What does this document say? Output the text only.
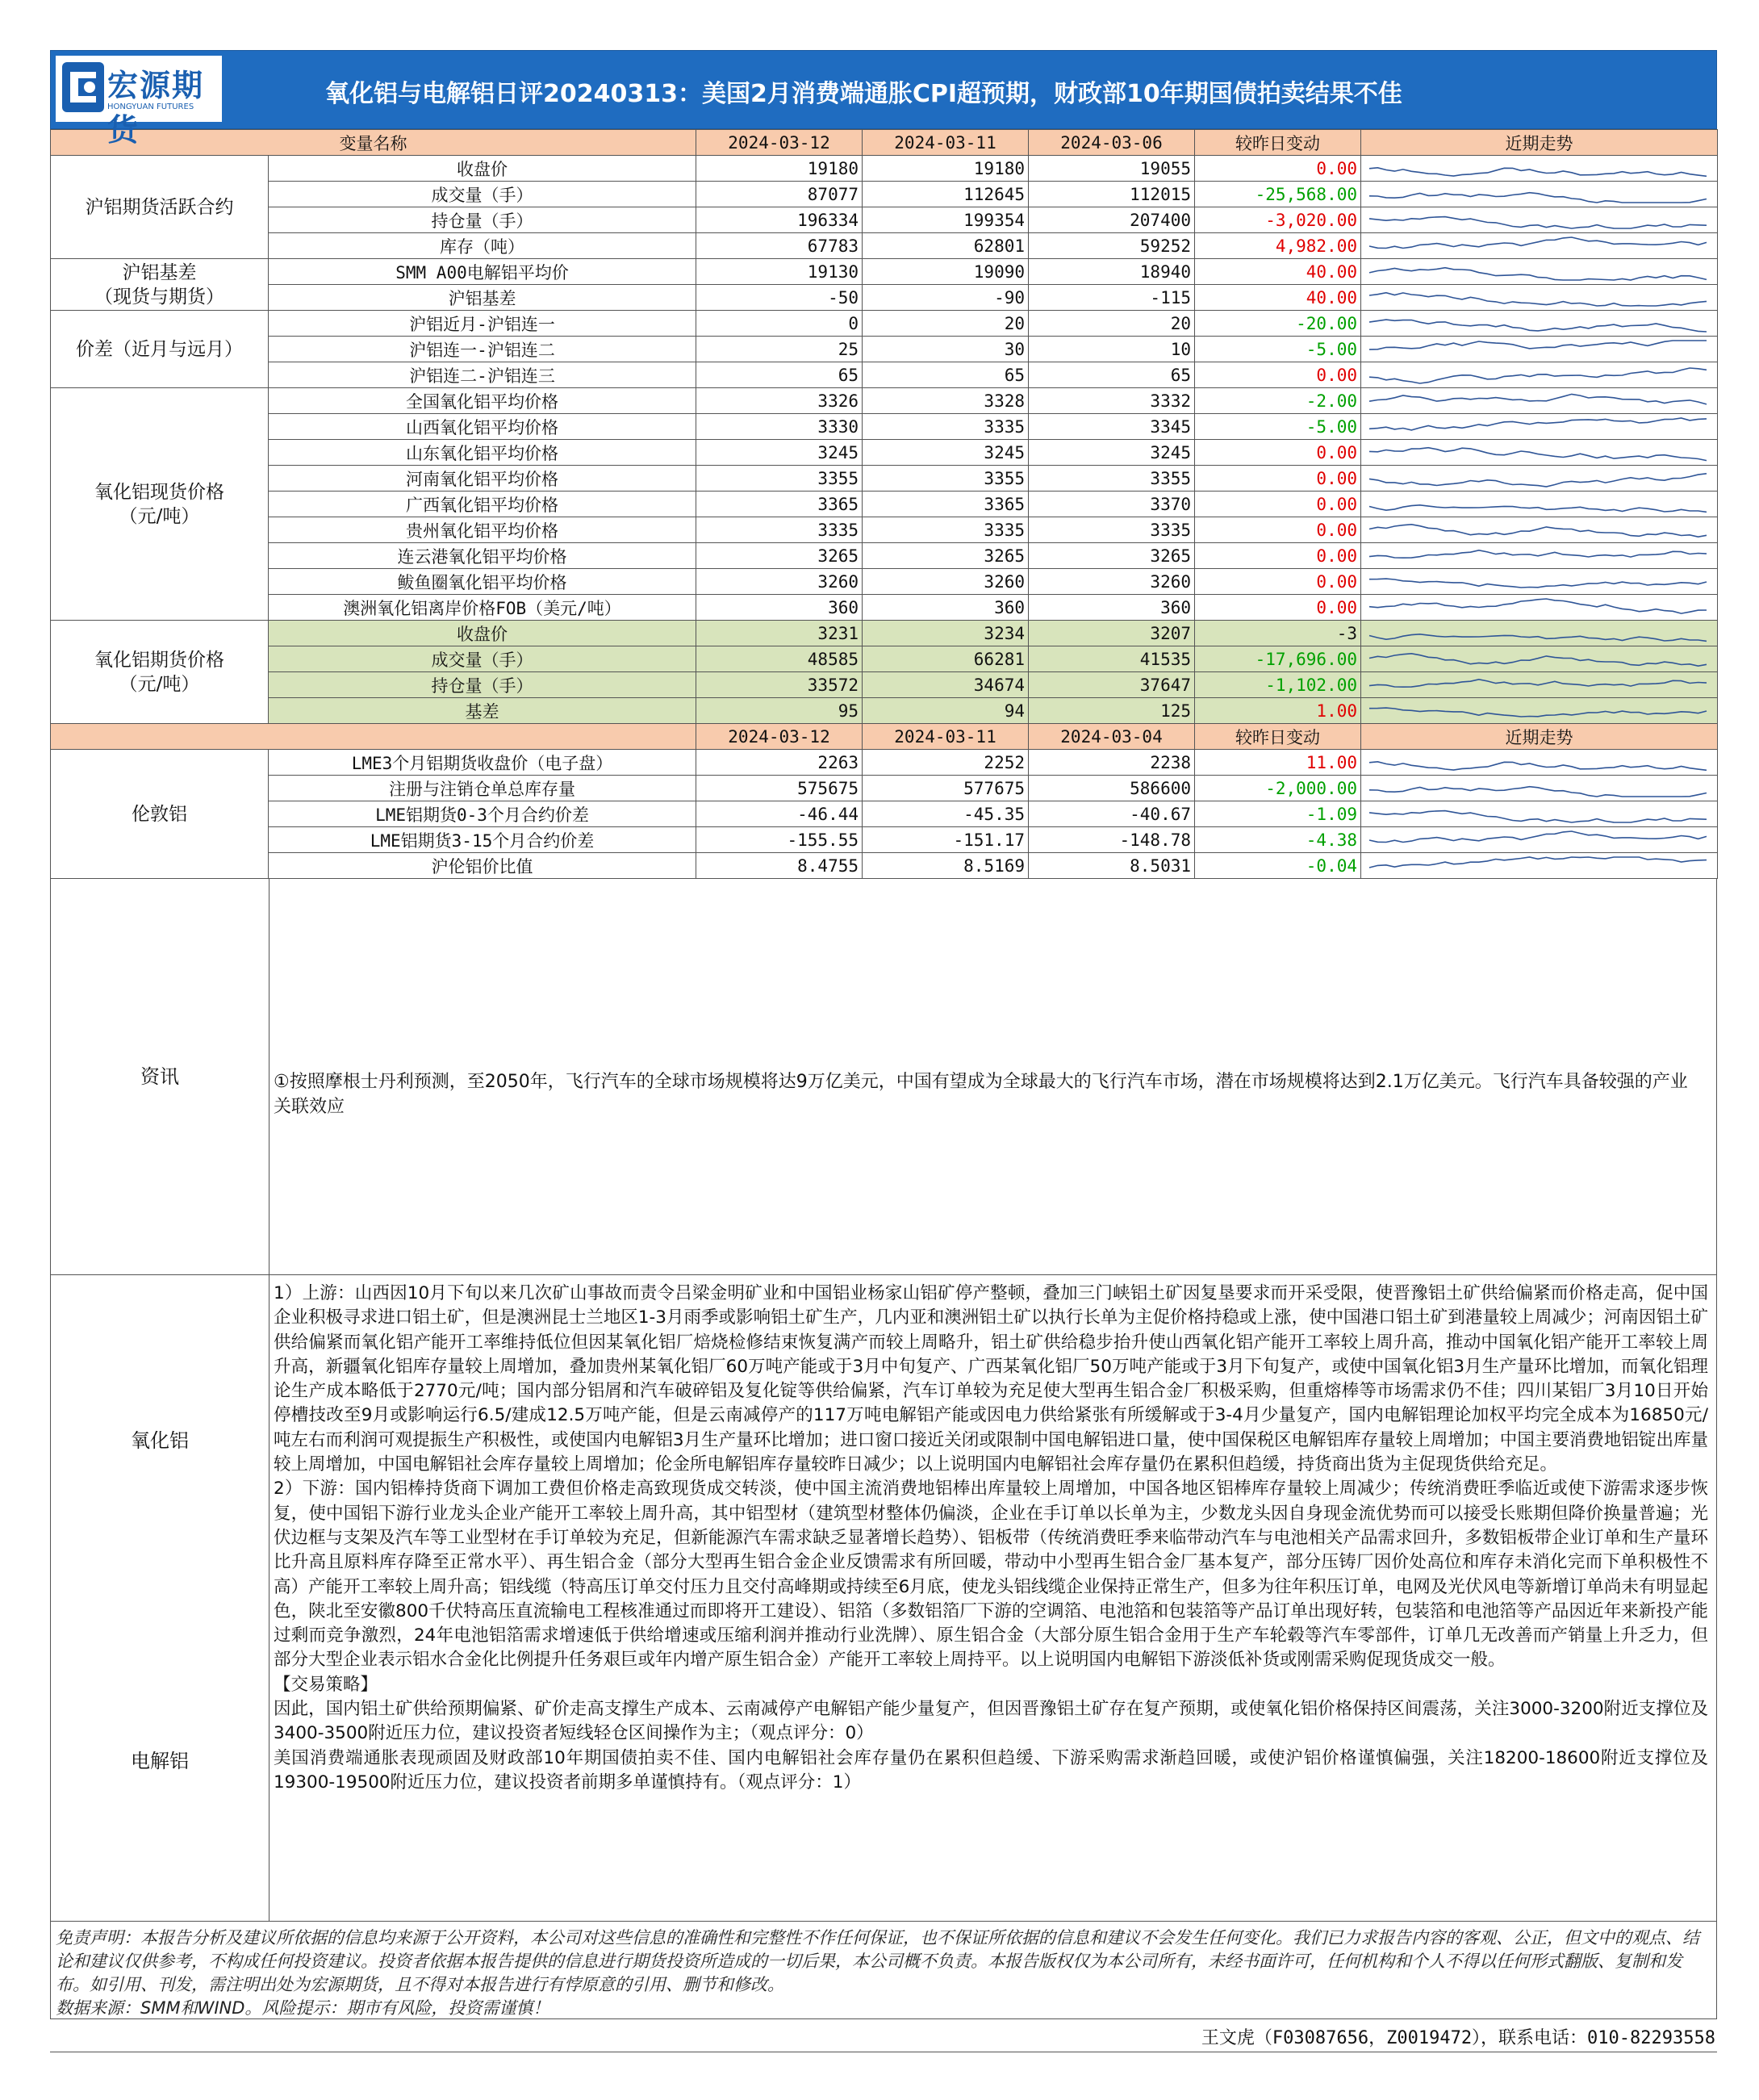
宏源期货
HONGYUAN FUTURES	氧化铝与电解铝日评20240313：美国2月消费端通胀CPI超预期，财政部10年期国债拍卖结果不佳
变量名称		2024-03-12	2024-03-11	2024-03-06	较昨日变动	近期走势

沪铝期货活跃合约	收盘价	19180	19180	19055	0.00	

	成交量（手）	87077	112645	112015	-25,568.00	

	持仓量（手）	196334	199354	207400	-3,020.00	

	库存（吨）	67783	62801	59252	4,982.00	

沪铝基差
（现货与期货）	SMM A00电解铝平均价	19130	19090	18940	40.00	

	沪铝基差	-50	-90	-115	40.00	

价差（近月与远月）	沪铝近月-沪铝连一	0	20	20	-20.00	

	沪铝连一-沪铝连二	25	30	10	-5.00	

	沪铝连二-沪铝连三	65	65	65	0.00	

氧化铝现货价格
（元/吨）	全国氧化铝平均价格	3326	3328	3332	-2.00	

	山西氧化铝平均价格	3330	3335	3345	-5.00	

	山东氧化铝平均价格	3245	3245	3245	0.00	

	河南氧化铝平均价格	3355	3355	3355	0.00	

	广西氧化铝平均价格	3365	3365	3370	0.00	

	贵州氧化铝平均价格	3335	3335	3335	0.00	

	连云港氧化铝平均价格	3265	3265	3265	0.00	

	鲅鱼圈氧化铝平均价格	3260	3260	3260	0.00	

	澳洲氧化铝离岸价格FOB（美元/吨）	360	360	360	0.00	

氧化铝期货价格
（元/吨）	收盘价	3231	3234	3207	-3	

	成交量（手）	48585	66281	41535	-17,696.00	

	持仓量（手）	33572	34674	37647	-1,102.00	

	基差	95	94	125	1.00	

		2024-03-12	2024-03-11	2024-03-04	较昨日变动	近期走势

伦敦铝	LME3个月铝期货收盘价（电子盘）	2263	2252	2238	11.00	

	注册与注销仓单总库存量	575675	577675	586600	-2,000.00	

	LME铝期货0-3个月合约价差	-46.44	-45.35	-40.67	-1.09	

	LME铝期货3-15个月合约价差	-155.55	-151.17	-148.78	-4.38	

	沪伦铝价比值	8.4755	8.5169	8.5031	-0.04	
资讯	①按照摩根士丹利预测，至2050年，飞行汽车的全球市场规模将达9万亿美元，中国有望成为全球最大的飞行汽车市场，潜在市场规模将达到2.1万亿美元。飞行汽车具备较强的产业关联效应
氧化铝
电解铝

1）上游：山西因10月下旬以来几次矿山事故而责令吕梁金明矿业和中国铝业杨家山铝矿停产整顿，叠加三门峡铝土矿因复垦要求而开采受限，使晋豫铝土矿供给偏紧而价格走高，促中国企业积极寻求进口铝土矿，但是澳洲昆士兰地区1-3月雨季或影响铝土矿生产，几内亚和澳洲铝土矿以执行长单为主促价格持稳或上涨，使中国港口铝土矿到港量较上周减少；河南因铝土矿供给偏紧而氧化铝产能开工率维持低位但因某氧化铝厂焙烧检修结束恢复满产而较上周略升，铝土矿供给稳步抬升使山西氧化铝产能开工率较上周升高，推动中国氧化铝产能开工率较上周升高，新疆氧化铝库存量较上周增加，叠加贵州某氧化铝厂60万吨产能或于3月中旬复产、广西某氧化铝厂50万吨产能或于3月下旬复产，或使中国氧化铝3月生产量环比增加，而氧化铝理论生产成本略低于2770元/吨；国内部分铝屑和汽车破碎铝及复化锭等供给偏紧，汽车订单较为充足使大型再生铝合金厂积极采购，但重熔棒等市场需求仍不佳；四川某铝厂3月10日开始停槽技改至9月或影响运行6.5/建成12.5万吨产能，但是云南减停产的117万吨电解铝产能或因电力供给紧张有所缓解或于3-4月少量复产，国内电解铝理论加权平均完全成本为16850元/吨左右而利润可观提振生产积极性，或使国内电解铝3月生产量环比增加；进口窗口接近关闭或限制中国电解铝进口量，使中国保税区电解铝库存量较上周增加；中国主要消费地铝锭出库量较上周增加，中国电解铝社会库存量较上周增加；伦金所电解铝库存量较昨日减少；以上说明国内电解铝社会库存量仍在累积但趋缓，持货商出货为主促现货供给充足。

2）下游：国内铝棒持货商下调加工费但价格走高致现货成交转淡，使中国主流消费地铝棒出库量较上周增加，中国各地区铝棒库存量较上周减少；传统消费旺季临近或使下游需求逐步恢复，使中国铝下游行业龙头企业产能开工率较上周升高，其中铝型材（建筑型材整体仍偏淡，企业在手订单以长单为主，少数龙头因自身现金流优势而可以接受长账期但降价换量普遍；光伏边框与支架及汽车等工业型材在手订单较为充足，但新能源汽车需求缺乏显著增长趋势）、铝板带（传统消费旺季来临带动汽车与电池相关产品需求回升，多数铝板带企业订单和生产量环比升高且原料库存降至正常水平）、再生铝合金（部分大型再生铝合金企业反馈需求有所回暖，带动中小型再生铝合金厂基本复产，部分压铸厂因价处高位和库存未消化完而下单积极性不高）产能开工率较上周升高；铝线缆（特高压订单交付压力且交付高峰期或持续至6月底，使龙头铝线缆企业保持正常生产，但多为往年积压订单，电网及光伏风电等新增订单尚未有明显起色，陕北至安徽800千伏特高压直流输电工程核准通过而即将开工建设）、铝箔（多数铝箔厂下游的空调箔、电池箔和包装箔等产品订单出现好转，包装箔和电池箔等产品因近年来新投产能过剩而竞争激烈，24年电池铝箔需求增速低于供给增速或压缩利润并推动行业洗牌）、原生铝合金（大部分原生铝合金用于生产车轮毂等汽车零部件，订单几无改善而产销量上升乏力，但部分大型企业表示铝水合金化比例提升任务艰巨或年内增产原生铝合金）产能开工率较上周持平。以上说明国内电解铝下游淡低补货或刚需采购促现货成交一般。

【交易策略】

因此，国内铝土矿供给预期偏紧、矿价走高支撑生产成本、云南减停产电解铝产能少量复产，但因晋豫铝土矿存在复产预期，或使氧化铝价格保持区间震荡，关注3000-3200附近支撑位及3400-3500附近压力位，建议投资者短线轻仓区间操作为主；（观点评分：0）

美国消费端通胀表现顽固及财政部10年期国债拍卖不佳、国内电解铝社会库存量仍在累积但趋缓、下游采购需求渐趋回暖，或使沪铝价格谨慎偏强，关注18200-18600附近支撑位及19300-19500附近压力位，建议投资者前期多单谨慎持有。（观点评分：1）

免责声明：本报告分析及建议所依据的信息均来源于公开资料，本公司对这些信息的准确性和完整性不作任何保证，也不保证所依据的信息和建议不会发生任何变化。我们已力求报告内容的客观、公正，但文中的观点、结论和建议仅供参考，不构成任何投资建议。投资者依据本报告提供的信息进行期货投资所造成的一切后果，本公司概不负责。本报告版权仅为本公司所有，未经书面许可，任何机构和个人不得以任何形式翻版、复制和发布。如引用、刊发，需注明出处为宏源期货，且不得对本报告进行有悖原意的引用、删节和修改。
数据来源：SMM和WIND。风险提示：期市有风险，投资需谨慎！
王文虎（F03087656，Z0019472），联系电话：010-82293558
